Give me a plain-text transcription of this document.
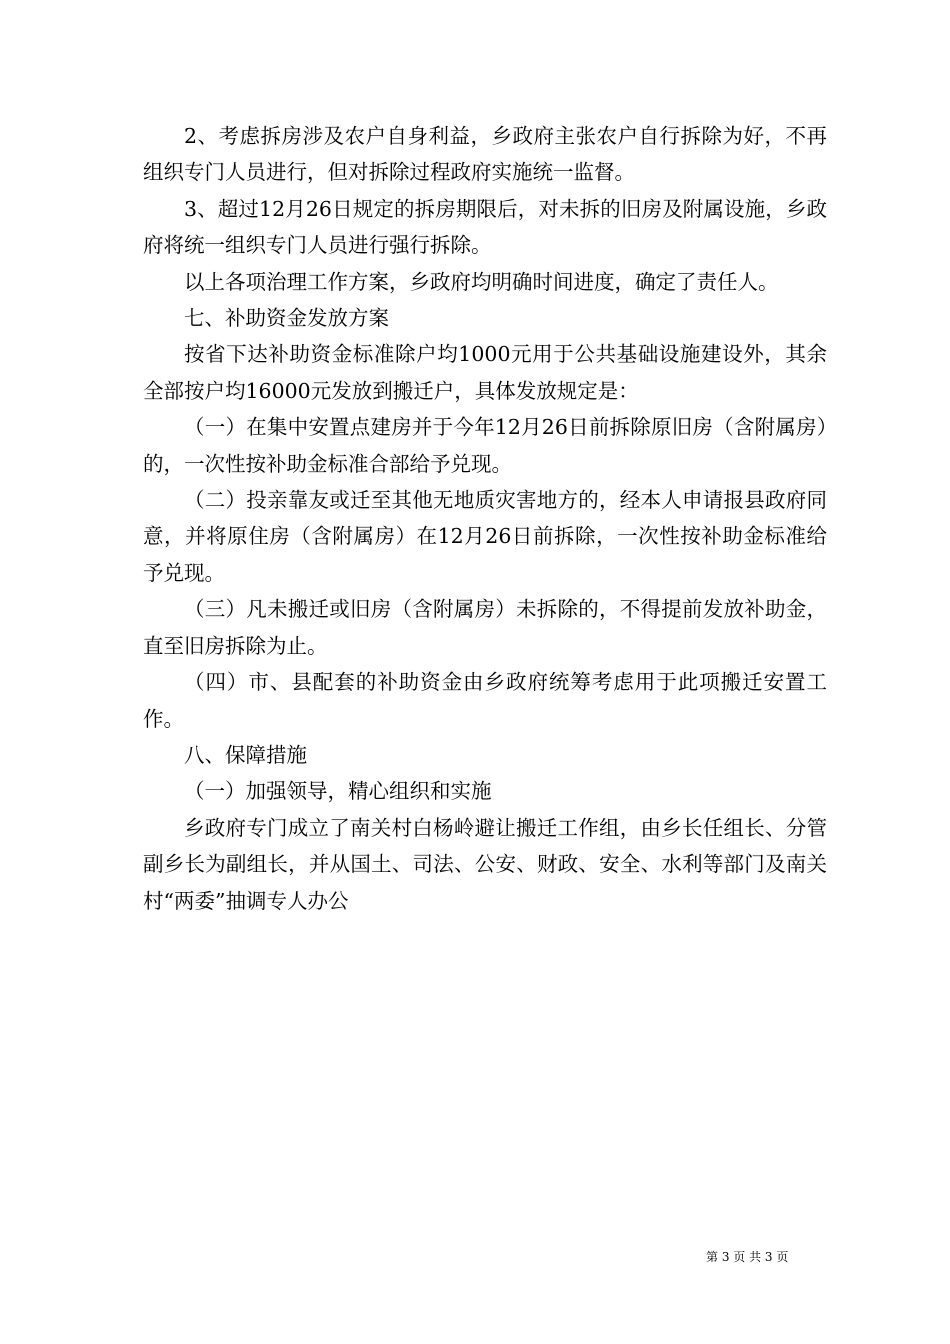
2、考虑拆房涉及农户自身利益，乡政府主张农户自行拆除为好，不再组织专门人员进行，但对拆除过程政府实施统一监督。

3、超过12月26日规定的拆房期限后，对未拆的旧房及附属设施，乡政府将统一组织专门人员进行强行拆除。

以上各项治理工作方案，乡政府均明确时间进度，确定了责任人。

七、补助资金发放方案

按省下达补助资金标准除户均1000元用于公共基础设施建设外，其余全部按户均16000元发放到搬迁户，具体发放规定是：

（一）在集中安置点建房并于今年12月26日前拆除原旧房（含附属房）的，一次性按补助金标准合部给予兑现。

（二）投亲靠友或迁至其他无地质灾害地方的，经本人申请报县政府同意，并将原住房（含附属房）在12月26日前拆除，一次性按补助金标准给予兑现。

（三）凡未搬迁或旧房（含附属房）未拆除的，不得提前发放补助金，直至旧房拆除为止。

（四）市、县配套的补助资金由乡政府统筹考虑用于此项搬迁安置工作。

八、保障措施

（一）加强领导，精心组织和实施

乡政府专门成立了南关村白杨岭避让搬迁工作组，由乡长任组长、分管副乡长为副组长，并从国土、司法、公安、财政、安全、水利等部门及南关村“两委”抽调专人办公

第 3 页 共 3 页
